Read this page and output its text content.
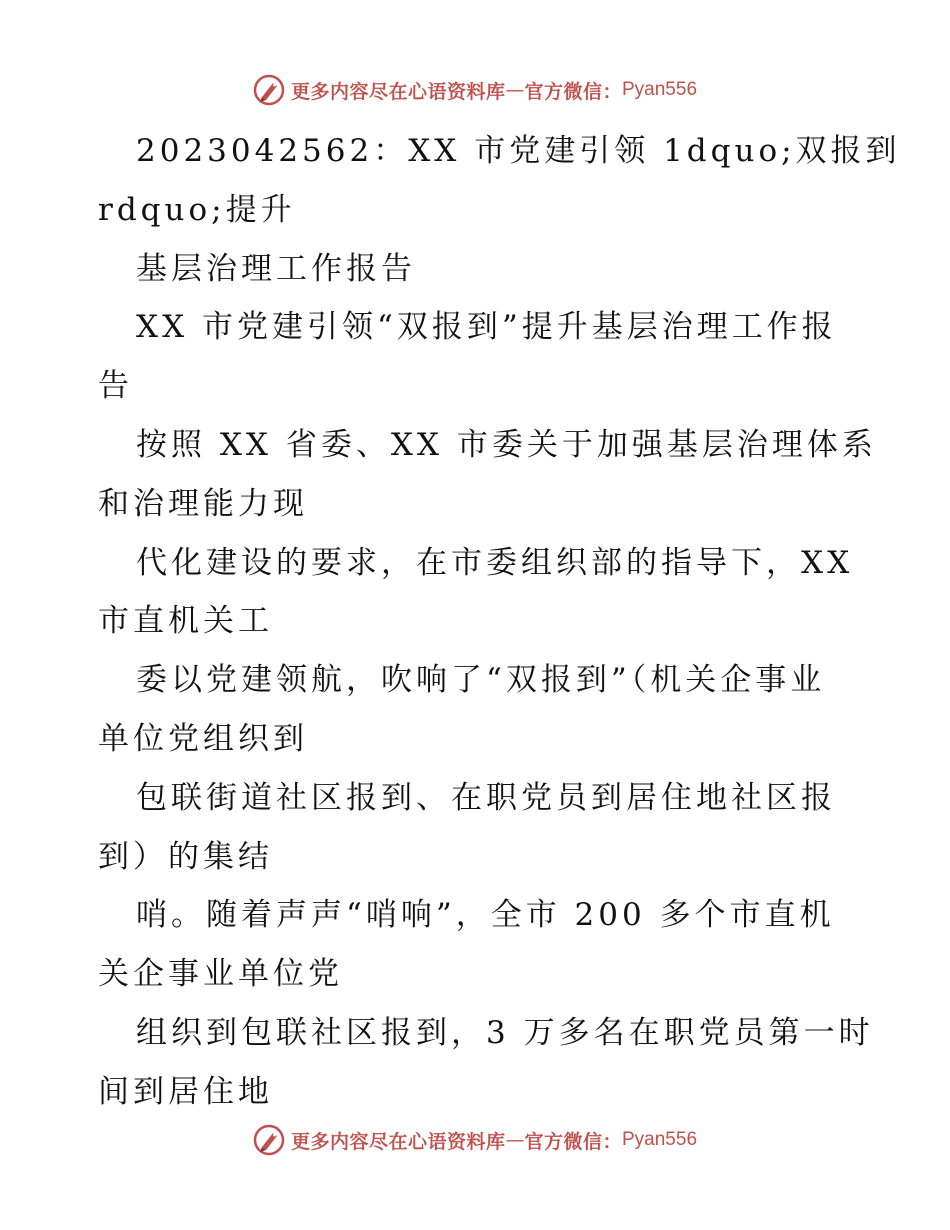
更多内容尽在心语资料库 — 官方微信： Pyan556
2023042562：XX 市党建引领 1dquo;双报到
rdquo;提升
基层治理工作报告
XX 市党建引领“双报到”提升基层治理工作报
告
按照 XX 省委、XX 市委关于加强基层治理体系
和治理能力现
代化建设的要求，在市委组织部的指导下，XX
市直机关工
委以党建领航，吹响了“双报到”（机关企事业
单位党组织到
包联街道社区报到、在职党员到居住地社区报
到）的集结
哨。随着声声“哨响”，全市 200 多个市直机
关企事业单位党
组织到包联社区报到，3 万多名在职党员第一时
间到居住地
更多内容尽在心语资料库 — 官方微信： Pyan556
